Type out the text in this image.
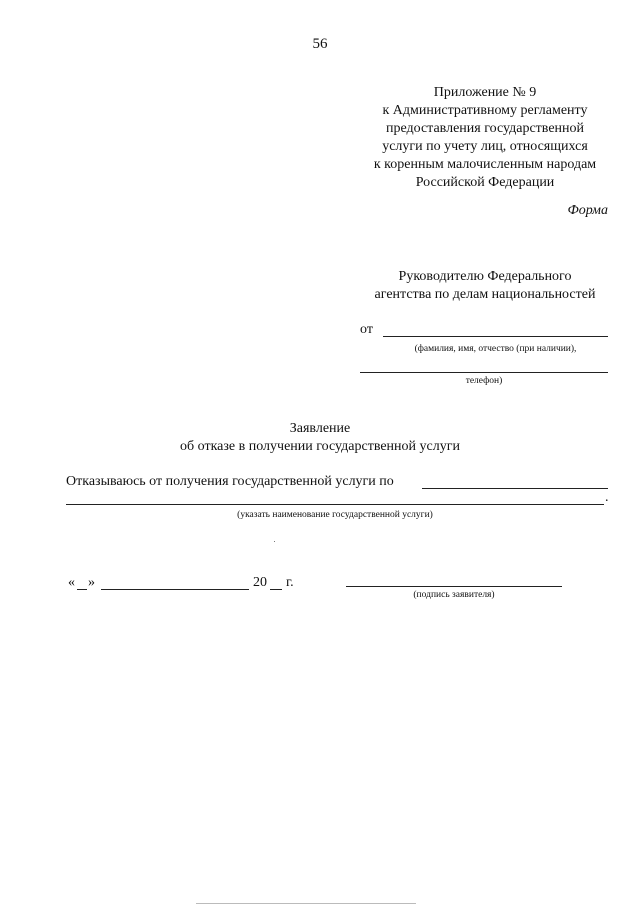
56
Приложение № 9
к Административному регламенту
предоставления государственной
услуги по учету лиц, относящихся
к коренным малочисленным народам
Российской Федерации
Форма
Руководителю Федерального
агентства по делам национальностей
от
(фамилия, имя, отчество (при наличии),
телефон)
Заявление
об отказе в получении государственной услуги
Отказываюсь от получения государственной услуги по
.
(указать наименование государственной услуги)
« »	20 г.
(подпись заявителя)
